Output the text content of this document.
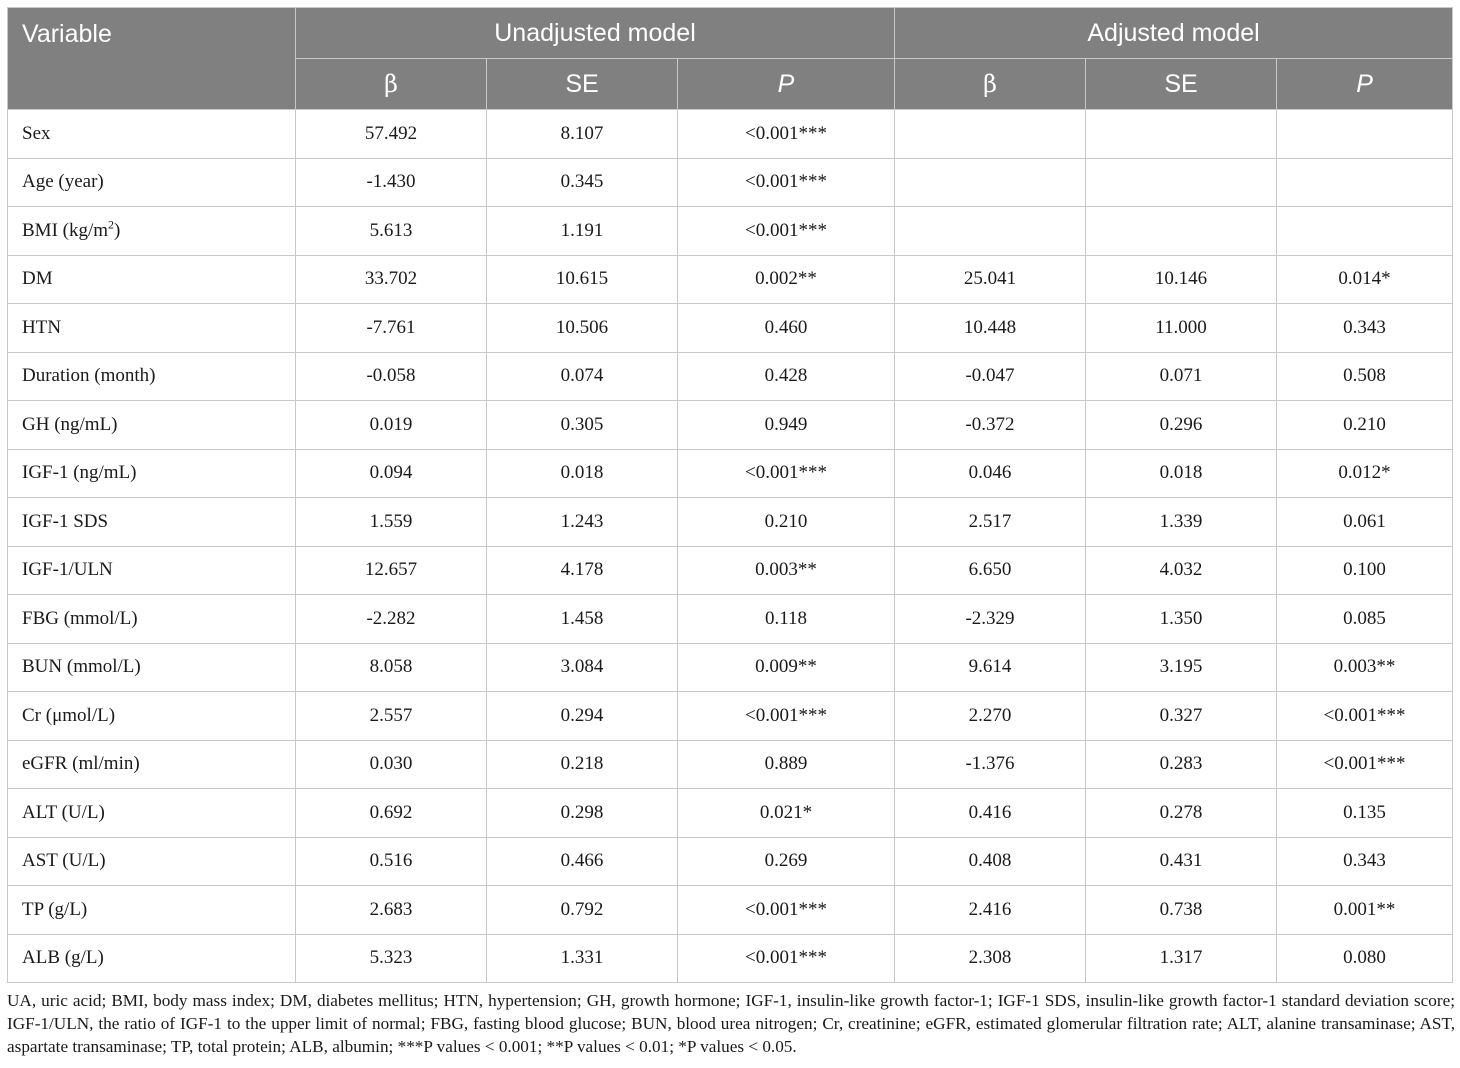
Variable	Unadjusted model			Adjusted model		
	β	SE	P	β	SE	P
Sex	57.492	8.107	<0.001***			
Age (year)	-1.430	0.345	<0.001***			
BMI $(kg/m^2)$	5.613	1.191	<0.001***			
DM	33.702	10.615	0.002**	25.041	10.146	0.014*
HTN	-7.761	10.506	0.460	10.448	11.000	0.343
Duration (month)	-0.058	0.074	0.428	-0.047	0.071	0.508
GH (ng/mL)	0.019	0.305	0.949	-0.372	0.296	0.210
IGF-1 (ng/mL)	0.094	0.018	<0.001***	0.046	0.018	0.012*
IGF-1 SDS	1.559	1.243	0.210	2.517	1.339	0.061
IGF-1/ULN	12.657	4.178	0.003**	6.650	4.032	0.100
FBG (mmol/L)	-2.282	1.458	0.118	-2.329	1.350	0.085
BUN (mmol/L)	8.058	3.084	0.009**	9.614	3.195	0.003**
Cr (μmol/L)	2.557	0.294	<0.001***	2.270	0.327	<0.001***
eGFR (ml/min)	0.030	0.218	0.889	-1.376	0.283	<0.001***
ALT (U/L)	0.692	0.298	0.021*	0.416	0.278	0.135
AST (U/L)	0.516	0.466	0.269	0.408	0.431	0.343
TP (g/L)	2.683	0.792	<0.001***	2.416	0.738	0.001**
ALB (g/L)	5.323	1.331	<0.001***	2.308	1.317	0.080
UA, uric acid; BMI, body mass index; DM, diabetes mellitus; HTN, hypertension; GH, growth hormone; IGF-1, insulin-like growth factor-1; IGF-1 SDS, insulin-like growth factor-1 standard deviation score; IGF-1/ULN, the ratio of IGF-1 to the upper limit of normal; FBG, fasting blood glucose; BUN, blood urea nitrogen; Cr, creatinine; eGFR, estimated glomerular filtration rate; ALT, alanine transaminase; AST, aspartate transaminase; TP, total protein; ALB, albumin; ***P values < 0.001; **P values < 0.01; *P values < 0.05.
